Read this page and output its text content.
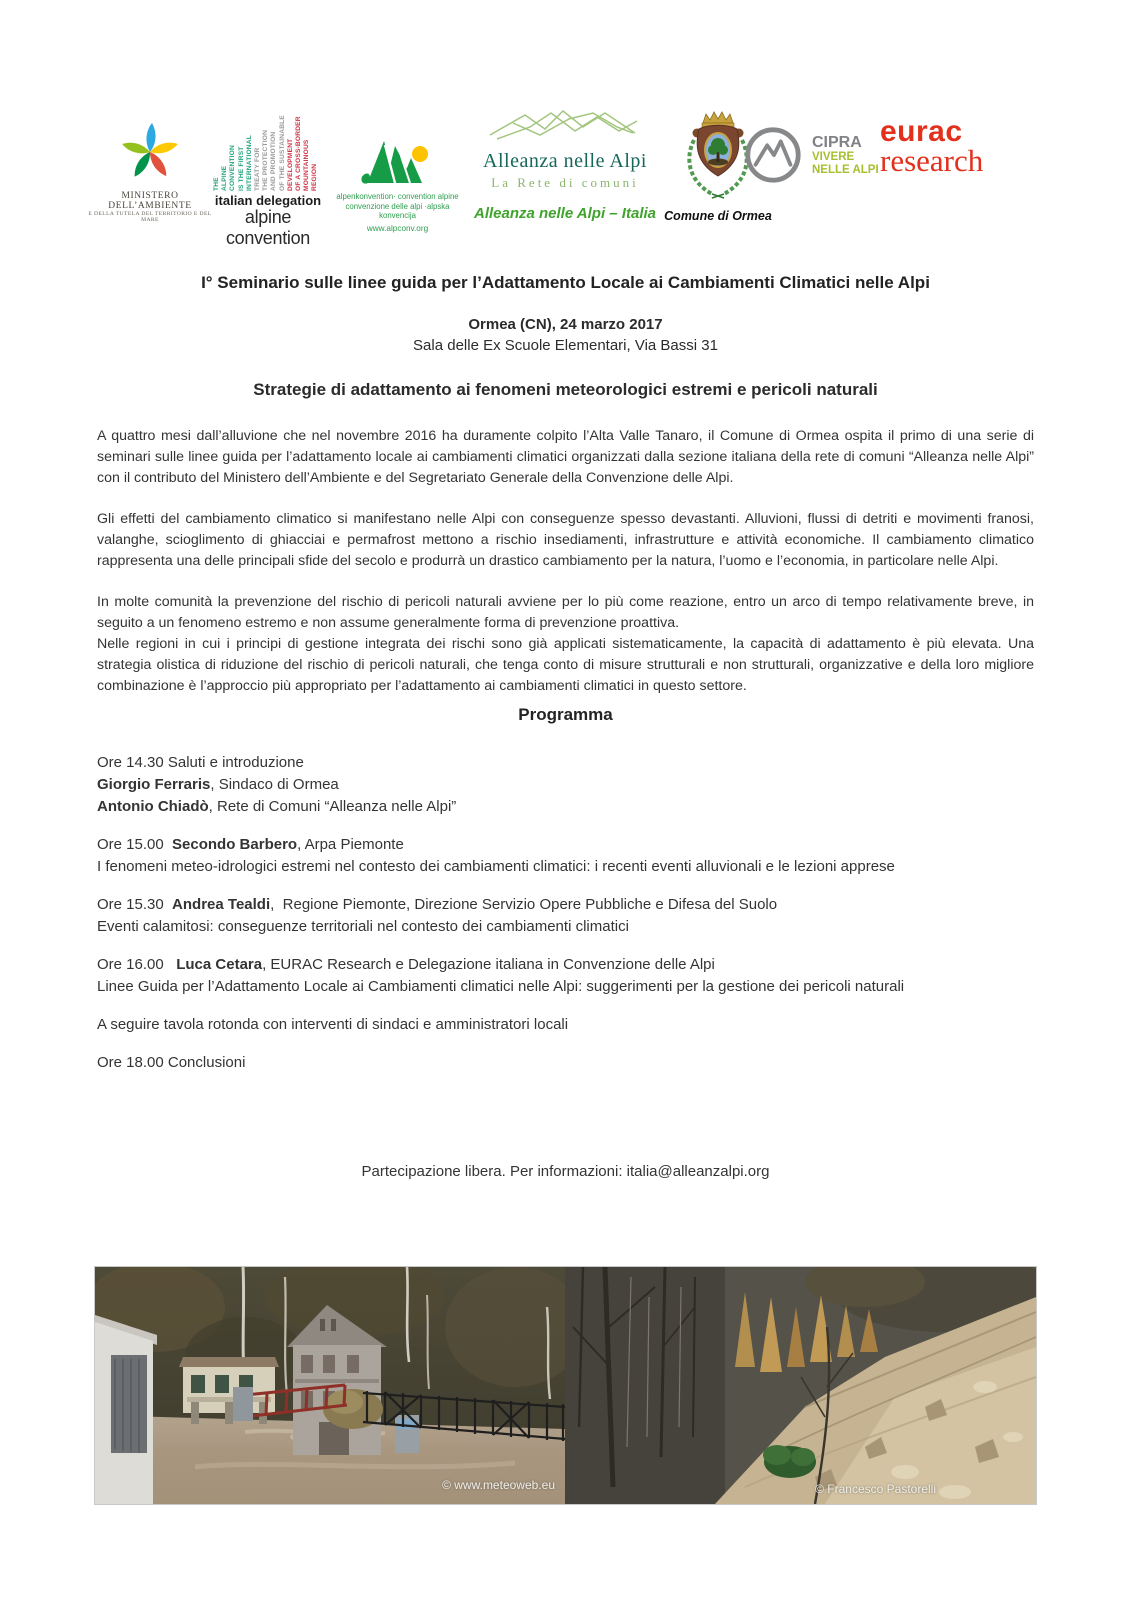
MINISTERO DELL’AMBIENTE
E DELLA TUTELA DEL TERRITORIO E DEL MARE
THE ALPINE CONVENTION IS THE FIRST INTERNATIONAL TREATY FOR THE PROTECTION AND PROMOTION OF THE SUSTAINABLE DEVELOPMENT OF A CROSS-BORDER MOUNTAINOUS REGION
italian delegation
alpine convention
alpenkonvention· convention alpine
convenzione delle alpi ·alpska konvencija
www.alpconv.org
Alleanza nelle Alpi
La Rete di comuni
Alleanza nelle Alpi – Italia Comune di Ormea
CIPRA
VIVERE
NELLE ALPI
eurac
research
I° Seminario sulle linee guida per l’Adattamento Locale ai Cambiamenti Climatici nelle Alpi
Ormea (CN), 24 marzo 2017
Sala delle Ex Scuole Elementari, Via Bassi 31
Strategie di adattamento ai fenomeni meteorologici estremi e pericoli naturali

A quattro mesi dall’alluvione che nel novembre 2016 ha duramente colpito l’Alta Valle Tanaro, il Comune di Ormea ospita il primo di una serie di seminari sulle linee guida per l’adattamento locale ai cambiamenti climatici organizzati dalla sezione italiana della rete di comuni “Alleanza nelle Alpi” con il contributo del Ministero dell’Ambiente e del Segretariato Generale della Convenzione delle Alpi.

Gli effetti del cambiamento climatico si manifestano nelle Alpi con conseguenze spesso devastanti. Alluvioni, flussi di detriti e movimenti franosi, valanghe, scioglimento di ghiacciai e permafrost mettono a rischio insediamenti, infrastrutture e attività economiche. Il cambiamento climatico rappresenta una delle principali sfide del secolo e produrrà un drastico cambiamento per la natura, l’uomo e l’economia, in particolare nelle Alpi.

In molte comunità la prevenzione del rischio di pericoli naturali avviene per lo più come reazione, entro un arco di tempo relativamente breve, in seguito a un fenomeno estremo e non assume generalmente forma di prevenzione proattiva.
Nelle regioni in cui i principi di gestione integrata dei rischi sono già applicati sistematicamente, la capacità di adattamento è più elevata. Una strategia olistica di riduzione del rischio di pericoli naturali, che tenga conto di misure strutturali e non strutturali, organizzative e della loro migliore combinazione è l’approccio più appropriato per l’adattamento ai cambiamenti climatici in questo settore.

Programma
Ore 14.30 Saluti e introduzione
Giorgio Ferraris, Sindaco di Ormea
Antonio Chiadò, Rete di Comuni “Alleanza nelle Alpi”
Ore 15.00  Secondo Barbero, Arpa Piemonte
I fenomeni meteo-idrologici estremi nel contesto dei cambiamenti climatici: i recenti eventi alluvionali e le lezioni apprese
Ore 15.30  Andrea Tealdi,  Regione Piemonte, Direzione Servizio Opere Pubbliche e Difesa del Suolo
Eventi calamitosi: conseguenze territoriali nel contesto dei cambiamenti climatici
Ore 16.00   Luca Cetara, EURAC Research e Delegazione italiana in Convenzione delle Alpi
Linee Guida per l’Adattamento Locale ai Cambiamenti climatici nelle Alpi: suggerimenti per la gestione dei pericoli naturali
A seguire tavola rotonda con interventi di sindaci e amministratori locali
Ore 18.00 Conclusioni
Partecipazione libera. Per informazioni: italia@alleanzalpi.org
© www.meteoweb.eu	© Francesco Pastorelli
